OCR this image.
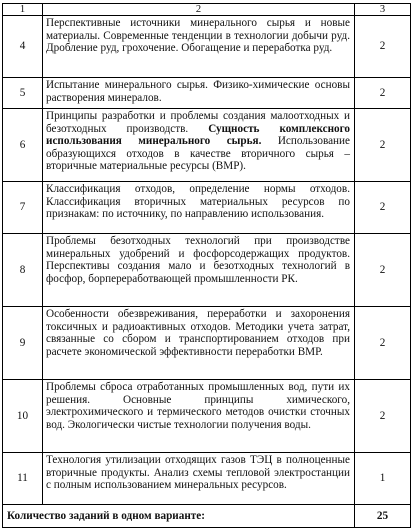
1	2	3
4	Перспективные источники минерального сырья и новые материалы. Современные тенденции в технологии добычи руд. Дробление руд, грохочение. Обогащение и переработка руд.	2
5	Испытание минерального сырья. Физико-химические основы растворения минералов.	2
6	Принципы разработки и проблемы создания малоотходных и безотходных производств. Сущность комплексного использования минерального сырья. Использование образующихся отходов в качестве вторичного сырья – вторичные материальные ресурсы (ВМР).	2
7	Классификация отходов, определение нормы отходов. Классификация вторичных материальных ресурсов по признакам: по источнику, по направлению использования.	2
8	Проблемы безотходных технологий при производстве минеральных удобрений и фосфорсодержащих продуктов. Перспективы создания мало и безотходных технологий в фосфор, борпереработвающей промышленности РК.	2
9	Особенности обезвреживания, переработки и захоронения токсичных и радиоактивных отходов. Методики учета затрат, связанные со сбором и транспортированием отходов при расчете экономической эффективности переработки ВМР.	2
10	Проблемы сброса отработанных промышленных вод, пути их решения. Основные принципы химического, электрохимического и термического методов очистки сточных вод. Экологически чистые технологии получения воды.	2
11	Технология утилизации отходящих газов ТЭЦ в полноценные вторичные продукты. Анализ схемы тепловой электростанции с полным использованием минеральных ресурсов.	1
Количество заданий в одном варианте:		25
